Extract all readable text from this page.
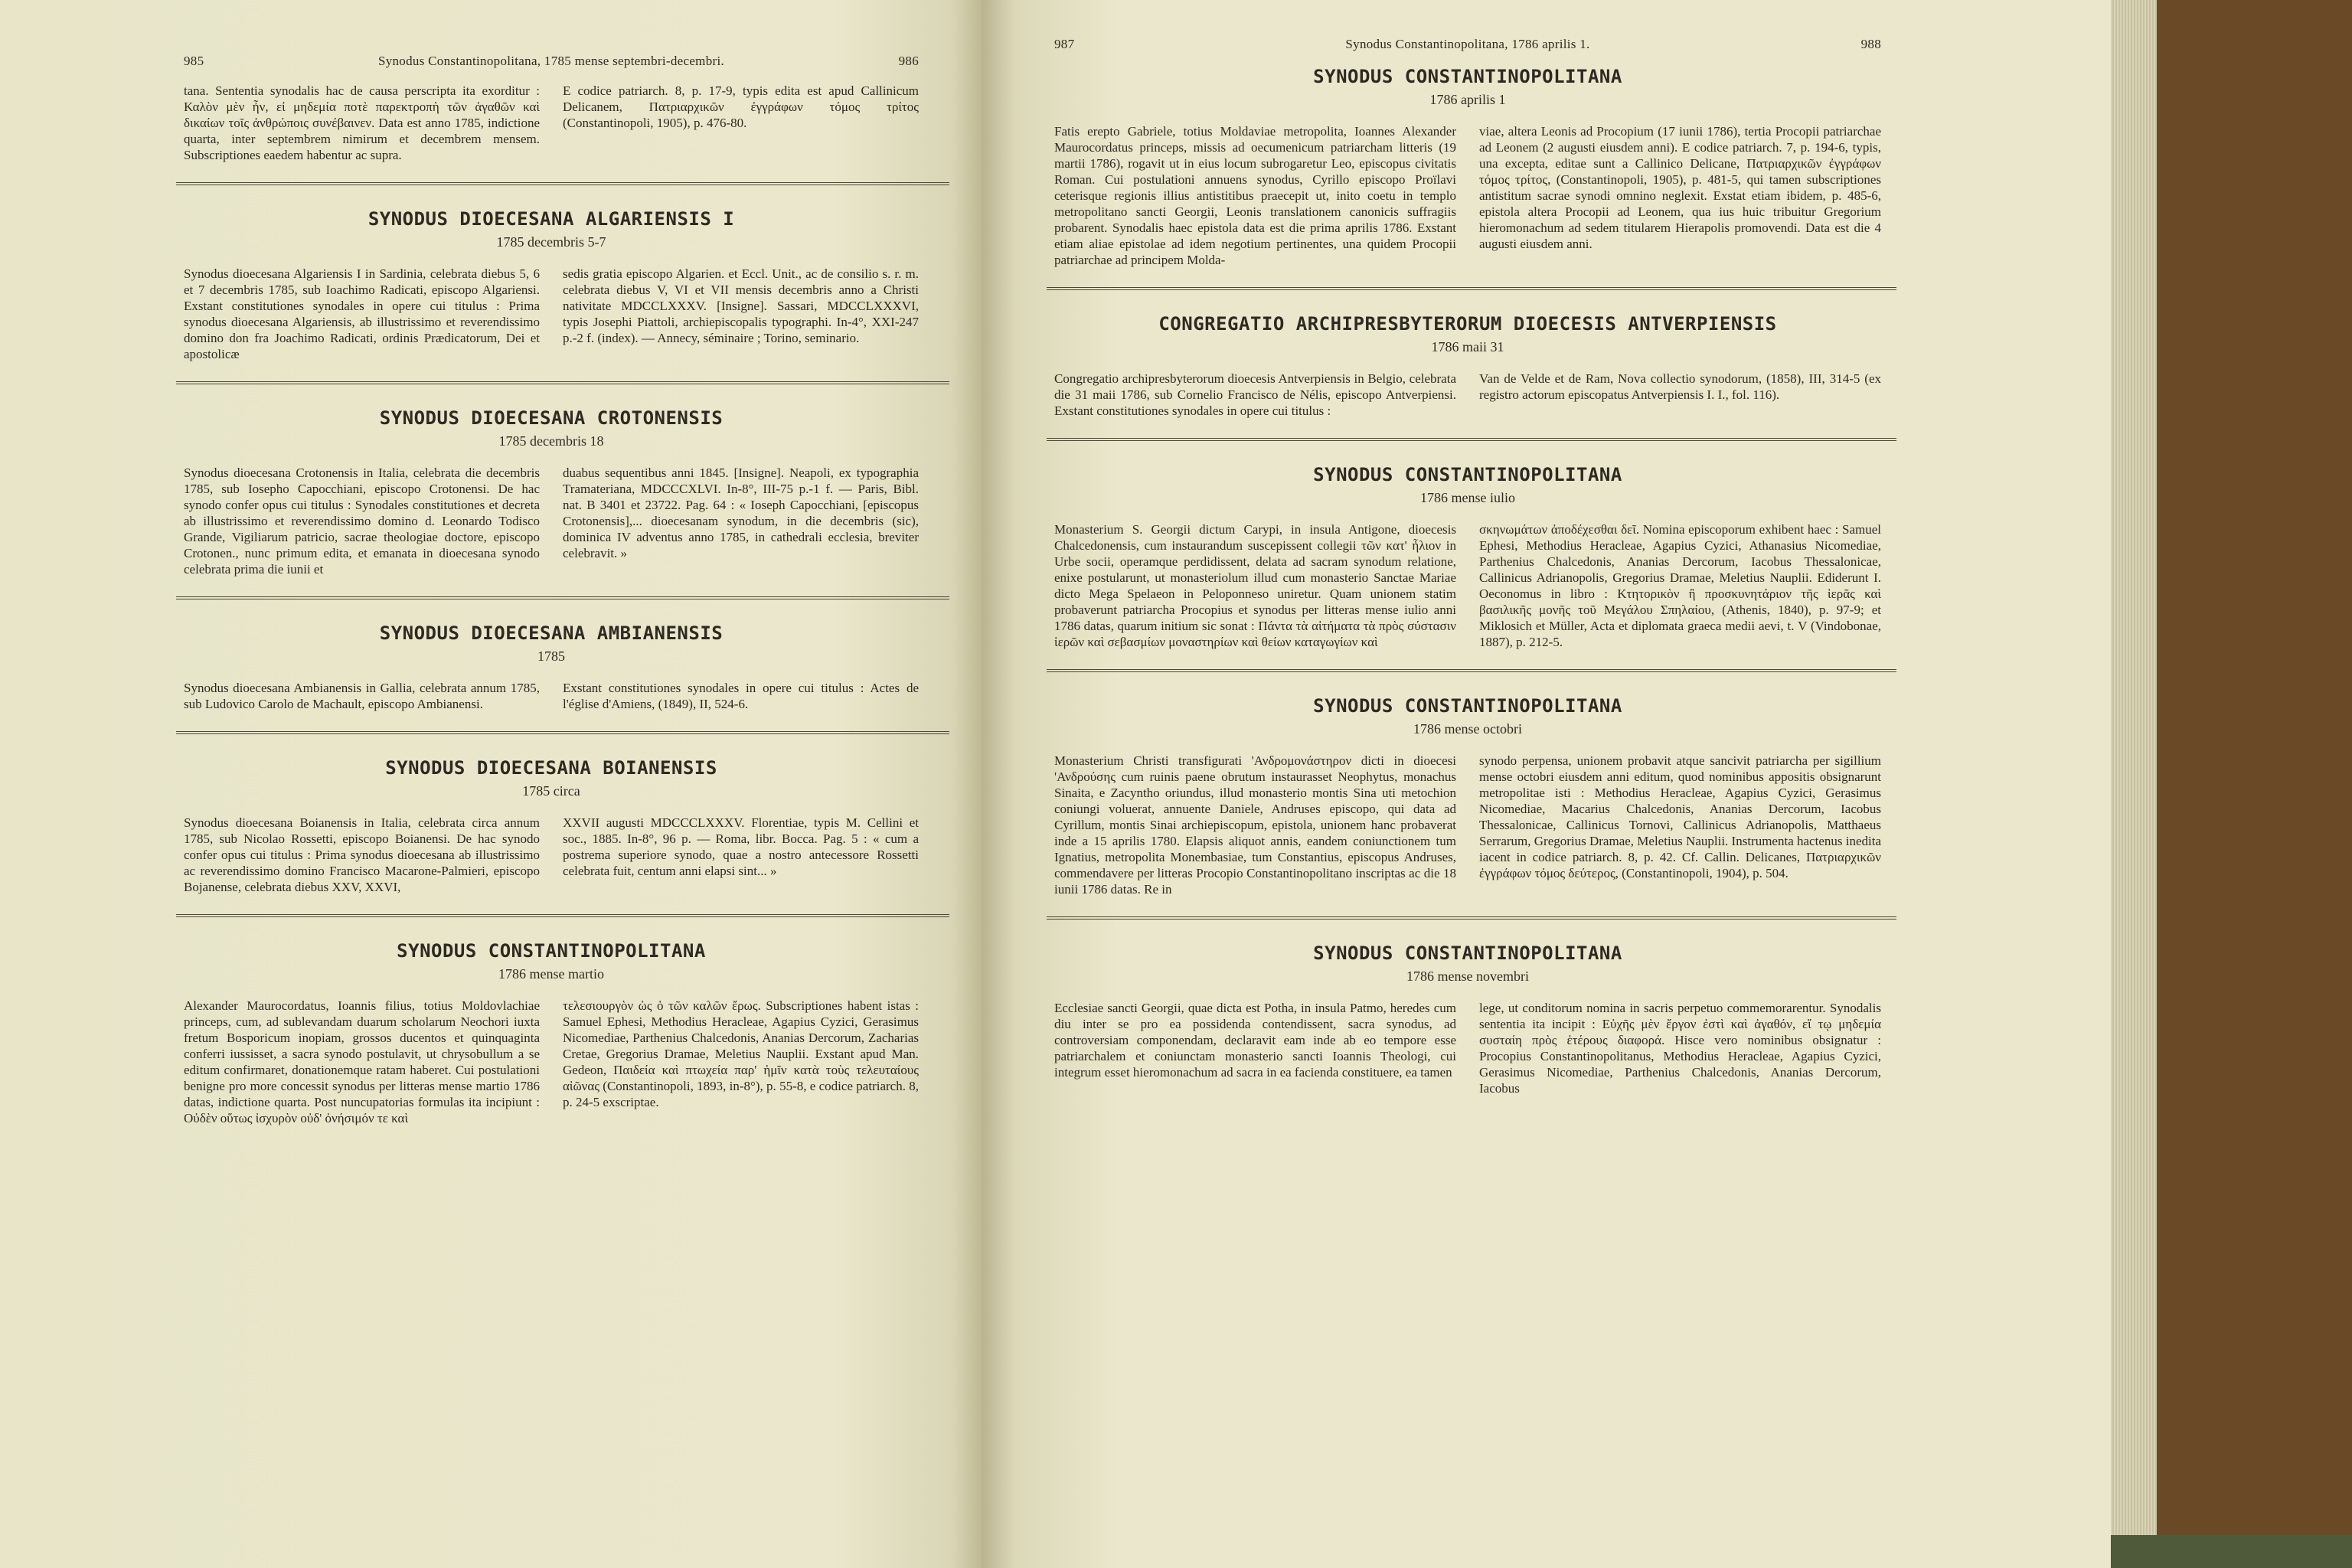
985	Synodus Constantinopolitana, 1785 mense septembri-decembri.	986

tana. Sententia synodalis hac de causa perscripta ita exorditur : Καλὸν μὲν ἦν, εἰ μηδεμία ποτὲ παρεκτροπὴ τῶν ἀγαθῶν καὶ δικαίων τοῖς ἀνθρώποις συνέβαινεν. Data est anno 1785, indictione quarta, inter septembrem nimirum et decembrem mensem. Subscriptiones eaedem habentur ac supra.

E codice patriarch. 8, p. 17-9, typis edita est apud Callinicum Delicanem, Πατριαρχικῶν ἐγγράφων τόμος τρίτος (Constantinopoli, 1905), p. 476-80.

SYNODUS DIOECESANA ALGARIENSIS I
1785 decembris 5-7

Synodus dioecesana Algariensis I in Sardinia, celebrata diebus 5, 6 et 7 decembris 1785, sub Ioachimo Radicati, episcopo Algariensi. Exstant constitutiones synodales in opere cui titulus : Prima synodus dioecesana Algariensis, ab illustrissimo et reverendissimo domino don fra Joachimo Radicati, ordinis Prædicatorum, Dei et apostolicæ

sedis gratia episcopo Algarien. et Eccl. Unit., ac de consilio s. r. m. celebrata diebus V, VI et VII mensis decembris anno a Christi nativitate MDCCLXXXV. [Insigne]. Sassari, MDCCLXXXVI, typis Josephi Piattoli, archiepiscopalis typographi. In-4°, XXI-247 p.-2 f. (index). — Annecy, séminaire ; Torino, seminario.

SYNODUS DIOECESANA CROTONENSIS
1785 decembris 18

Synodus dioecesana Crotonensis in Italia, celebrata die decembris 1785, sub Iosepho Capocchiani, episcopo Crotonensi. De hac synodo confer opus cui titulus : Synodales constitutiones et decreta ab illustrissimo et reverendissimo domino d. Leonardo Todisco Grande, Vigiliarum patricio, sacrae theologiae doctore, episcopo Crotonen., nunc primum edita, et emanata in dioecesana synodo celebrata prima die iunii et

duabus sequentibus anni 1845. [Insigne]. Neapoli, ex typographia Tramateriana, MDCCCXLVI. In-8°, III-75 p.-1 f. — Paris, Bibl. nat. B 3401 et 23722. Pag. 64 : « Ioseph Capocchiani, [episcopus Crotonensis],... dioecesanam synodum, in die decembris (sic), dominica IV adventus anno 1785, in cathedrali ecclesia, breviter celebravit. »

SYNODUS DIOECESANA AMBIANENSIS
1785

Synodus dioecesana Ambianensis in Gallia, celebrata annum 1785, sub Ludovico Carolo de Machault, episcopo Ambianensi.

Exstant constitutiones synodales in opere cui titulus : Actes de l'église d'Amiens, (1849), II, 524-6.

SYNODUS DIOECESANA BOIANENSIS
1785 circa

Synodus dioecesana Boianensis in Italia, celebrata circa annum 1785, sub Nicolao Rossetti, episcopo Boianensi. De hac synodo confer opus cui titulus : Prima synodus dioecesana ab illustrissimo ac reverendissimo domino Francisco Macarone-Palmieri, episcopo Bojanense, celebrata diebus XXV, XXVI,

XXVII augusti MDCCCLXXXV. Florentiae, typis M. Cellini et soc., 1885. In-8°, 96 p. — Roma, libr. Bocca. Pag. 5 : « cum a postrema superiore synodo, quae a nostro antecessore Rossetti celebrata fuit, centum anni elapsi sint... »

SYNODUS CONSTANTINOPOLITANA
1786 mense martio

Alexander Maurocordatus, Ioannis filius, totius Moldovlachiae princeps, cum, ad sublevandam duarum scholarum Neochori iuxta fretum Bosporicum inopiam, grossos ducentos et quinquaginta conferri iussisset, a sacra synodo postulavit, ut chrysobullum a se editum confirmaret, donationemque ratam haberet. Cui postulationi benigne pro more concessit synodus per litteras mense martio 1786 datas, indictione quarta. Post nuncupatorias formulas ita incipiunt : Οὐδὲν οὕτως ἰσχυρὸν οὐδ' ὀνήσιμόν τε καὶ

τελεσιουργὸν ὡς ὁ τῶν καλῶν ἔρως. Subscriptiones habent istas : Samuel Ephesi, Methodius Heracleae, Agapius Cyzici, Gerasimus Nicomediae, Parthenius Chalcedonis, Ananias Dercorum, Zacharias Cretae, Gregorius Dramae, Meletius Nauplii. Exstant apud Man. Gedeon, Παιδεία καὶ πτωχεία παρ' ἡμῖν κατὰ τοὺς τελευταίους αἰῶνας (Constantinopoli, 1893, in-8°), p. 55-8, e codice patriarch. 8, p. 24-5 exscriptae.

987	Synodus Constantinopolitana, 1786 aprilis 1.	988
SYNODUS CONSTANTINOPOLITANA
1786 aprilis 1

Fatis erepto Gabriele, totius Moldaviae metropolita, Ioannes Alexander Maurocordatus princeps, missis ad oecumenicum patriarcham litteris (19 martii 1786), rogavit ut in eius locum subrogaretur Leo, episcopus civitatis Roman. Cui postulationi annuens synodus, Cyrillo episcopo Proïlavi ceterisque regionis illius antistitibus praecepit ut, inito coetu in templo metropolitano sancti Georgii, Leonis translationem canonicis suffragiis probarent. Synodalis haec epistola data est die prima aprilis 1786. Exstant etiam aliae epistolae ad idem negotium pertinentes, una quidem Procopii patriarchae ad principem Molda-

viae, altera Leonis ad Procopium (17 iunii 1786), tertia Procopii patriarchae ad Leonem (2 augusti eiusdem anni). E codice patriarch. 7, p. 194-6, typis, una excepta, editae sunt a Callinico Delicane, Πατριαρχικῶν ἐγγράφων τόμος τρίτος, (Constantinopoli, 1905), p. 481-5, qui tamen subscriptiones antistitum sacrae synodi omnino neglexit. Exstat etiam ibidem, p. 485-6, epistola altera Procopii ad Leonem, qua ius huic tribuitur Gregorium hieromonachum ad sedem titularem Hierapolis promovendi. Data est die 4 augusti eiusdem anni.

CONGREGATIO ARCHIPRESBYTERORUM DIOECESIS ANTVERPIENSIS
1786 maii 31

Congregatio archipresbyterorum dioecesis Antverpiensis in Belgio, celebrata die 31 maii 1786, sub Cornelio Francisco de Nélis, episcopo Antverpiensi. Exstant constitutiones synodales in opere cui titulus :

Van de Velde et de Ram, Nova collectio synodorum, (1858), III, 314-5 (ex registro actorum episcopatus Antverpiensis I. I., fol. 116).

SYNODUS CONSTANTINOPOLITANA
1786 mense iulio

Monasterium S. Georgii dictum Carypi, in insula Antigone, dioecesis Chalcedonensis, cum instaurandum suscepissent collegii τῶν κατ' ἦλιον in Urbe socii, operamque perdidissent, delata ad sacram synodum relatione, enixe postularunt, ut monasteriolum illud cum monasterio Sanctae Mariae dicto Mega Spelaeon in Peloponneso uniretur. Quam unionem statim probaverunt patriarcha Procopius et synodus per litteras mense iulio anni 1786 datas, quarum initium sic sonat : Πάντα τὰ αἰτήματα τὰ πρὸς σύστασιν ἱερῶν καὶ σεβασμίων μοναστηρίων καὶ θείων καταγωγίων καὶ

σκηνωμάτων ἀποδέχεσθαι δεῖ. Nomina episcoporum exhibent haec : Samuel Ephesi, Methodius Heracleae, Agapius Cyzici, Athanasius Nicomediae, Parthenius Chalcedonis, Ananias Dercorum, Iacobus Thessalonicae, Callinicus Adrianopolis, Gregorius Dramae, Meletius Nauplii. Ediderunt I. Oeconomus in libro : Κτητορικὸν ἢ προσκυνητάριον τῆς ἱερᾶς καὶ βασιλικῆς μονῆς τοῦ Μεγάλου Σπηλαίου, (Athenis, 1840), p. 97-9; et Miklosich et Müller, Acta et diplomata graeca medii aevi, t. V (Vindobonae, 1887), p. 212-5.

SYNODUS CONSTANTINOPOLITANA
1786 mense octobri

Monasterium Christi transfigurati 'Ανδρομονάστηρον dicti in dioecesi 'Ανδρούσης cum ruinis paene obrutum instaurasset Neophytus, monachus Sinaita, e Zacyntho oriundus, illud monasterio montis Sina uti metochion coniungi voluerat, annuente Daniele, Andruses episcopo, qui data ad Cyrillum, montis Sinai archiepiscopum, epistola, unionem hanc probaverat inde a 15 aprilis 1780. Elapsis aliquot annis, eandem coniunctionem tum Ignatius, metropolita Monembasiae, tum Constantius, episcopus Andruses, commendavere per litteras Procopio Constantinopolitano inscriptas ac die 18 iunii 1786 datas. Re in

synodo perpensa, unionem probavit atque sancivit patriarcha per sigillium mense octobri eiusdem anni editum, quod nominibus appositis obsignarunt metropolitae isti : Methodius Heracleae, Agapius Cyzici, Gerasimus Nicomediae, Macarius Chalcedonis, Ananias Dercorum, Iacobus Thessalonicae, Callinicus Tornovi, Callinicus Adrianopolis, Matthaeus Serrarum, Gregorius Dramae, Meletius Nauplii. Instrumenta hactenus inedita iacent in codice patriarch. 8, p. 42. Cf. Callin. Delicanes, Πατριαρχικῶν ἐγγράφων τόμος δεύτερος, (Constantinopoli, 1904), p. 504.

SYNODUS CONSTANTINOPOLITANA
1786 mense novembri

Ecclesiae sancti Georgii, quae dicta est Potha, in insula Patmo, heredes cum diu inter se pro ea possidenda contendissent, sacra synodus, ad controversiam componendam, declaravit eam inde ab eo tempore esse patriarchalem et coniunctam monasterio sancti Ioannis Theologi, cui integrum esset hieromonachum ad sacra in ea facienda constituere, ea tamen

lege, ut conditorum nomina in sacris perpetuo commemorarentur. Synodalis sententia ita incipit : Εὐχῆς μὲν ἔργον ἐστὶ καὶ ἀγαθόν, εἴ τῳ μηδεμία συσταίη πρὸς ἑτέρους διαφορά. Hisce vero nominibus obsignatur : Procopius Constantinopolitanus, Methodius Heracleae, Agapius Cyzici, Gerasimus Nicomediae, Parthenius Chalcedonis, Ananias Dercorum, Iacobus
